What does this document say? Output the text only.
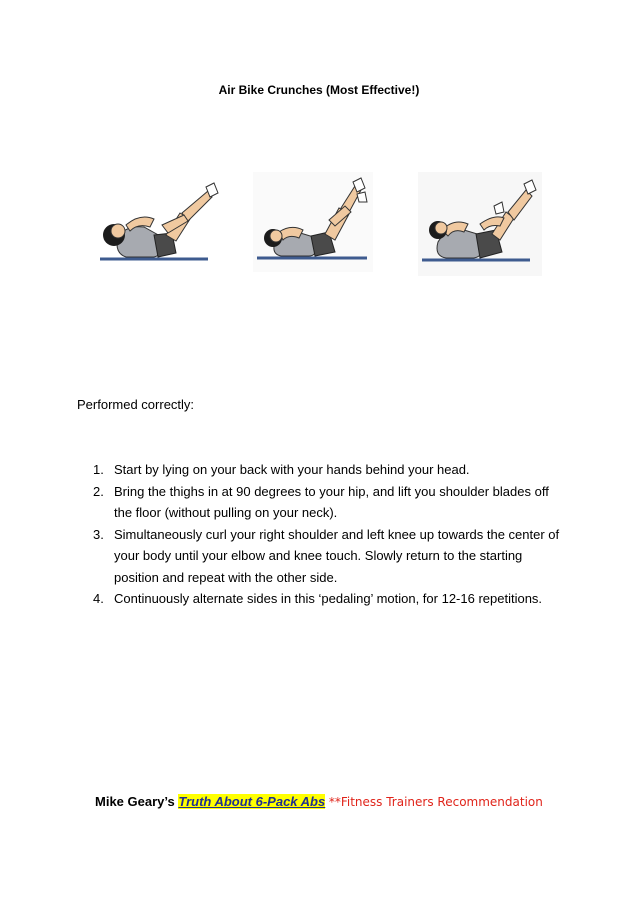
Air Bike Crunches (Most Effective!)
Performed correctly:
1. Start by lying on your back with your hands behind your head.
2. Bring the thighs in at 90 degrees to your hip, and lift you shoulder blades off the floor (without pulling on your neck).
3. Simultaneously curl your right shoulder and left knee up towards the center of your body until your elbow and knee touch. Slowly return to the starting position and repeat with the other side.
4. Continuously alternate sides in this ‘pedaling’ motion, for 12-16 repetitions.
Mike Geary’s Truth About 6-Pack Abs **Fitness Trainers Recommendation
